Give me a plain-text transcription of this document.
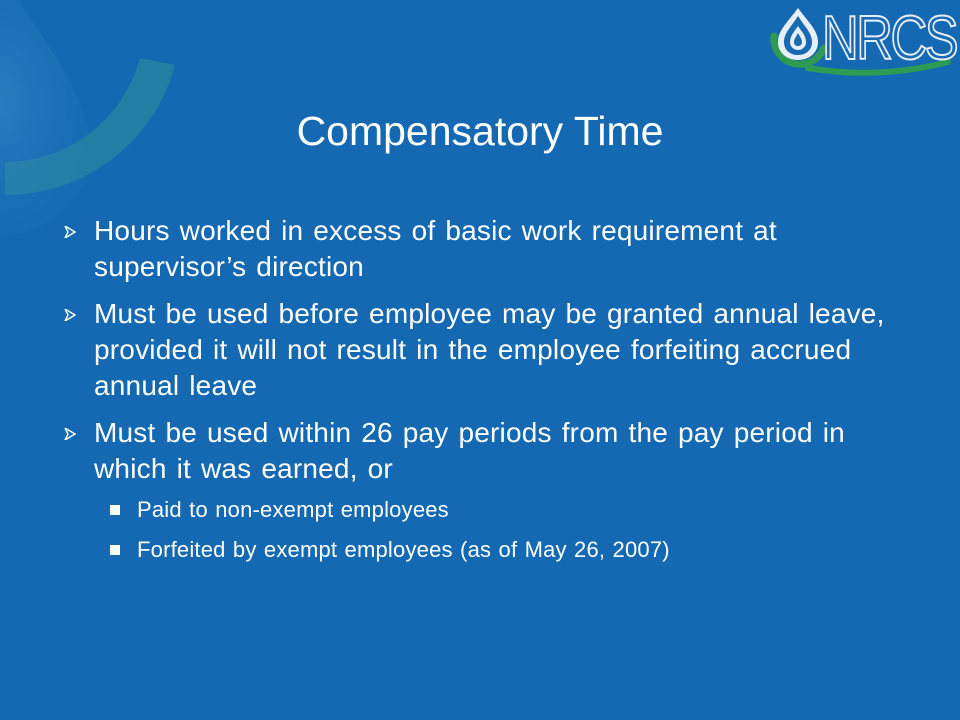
NRCS
Compensatory Time
Hours worked in excess of basic work requirement at supervisor’s direction
Must be used before employee may be granted annual leave, provided it will not result in the employee forfeiting accrued annual leave
Must be used within 26 pay periods from the pay period in which it was earned, or
Paid to non-exempt employees
Forfeited by exempt employees (as of May 26, 2007)
